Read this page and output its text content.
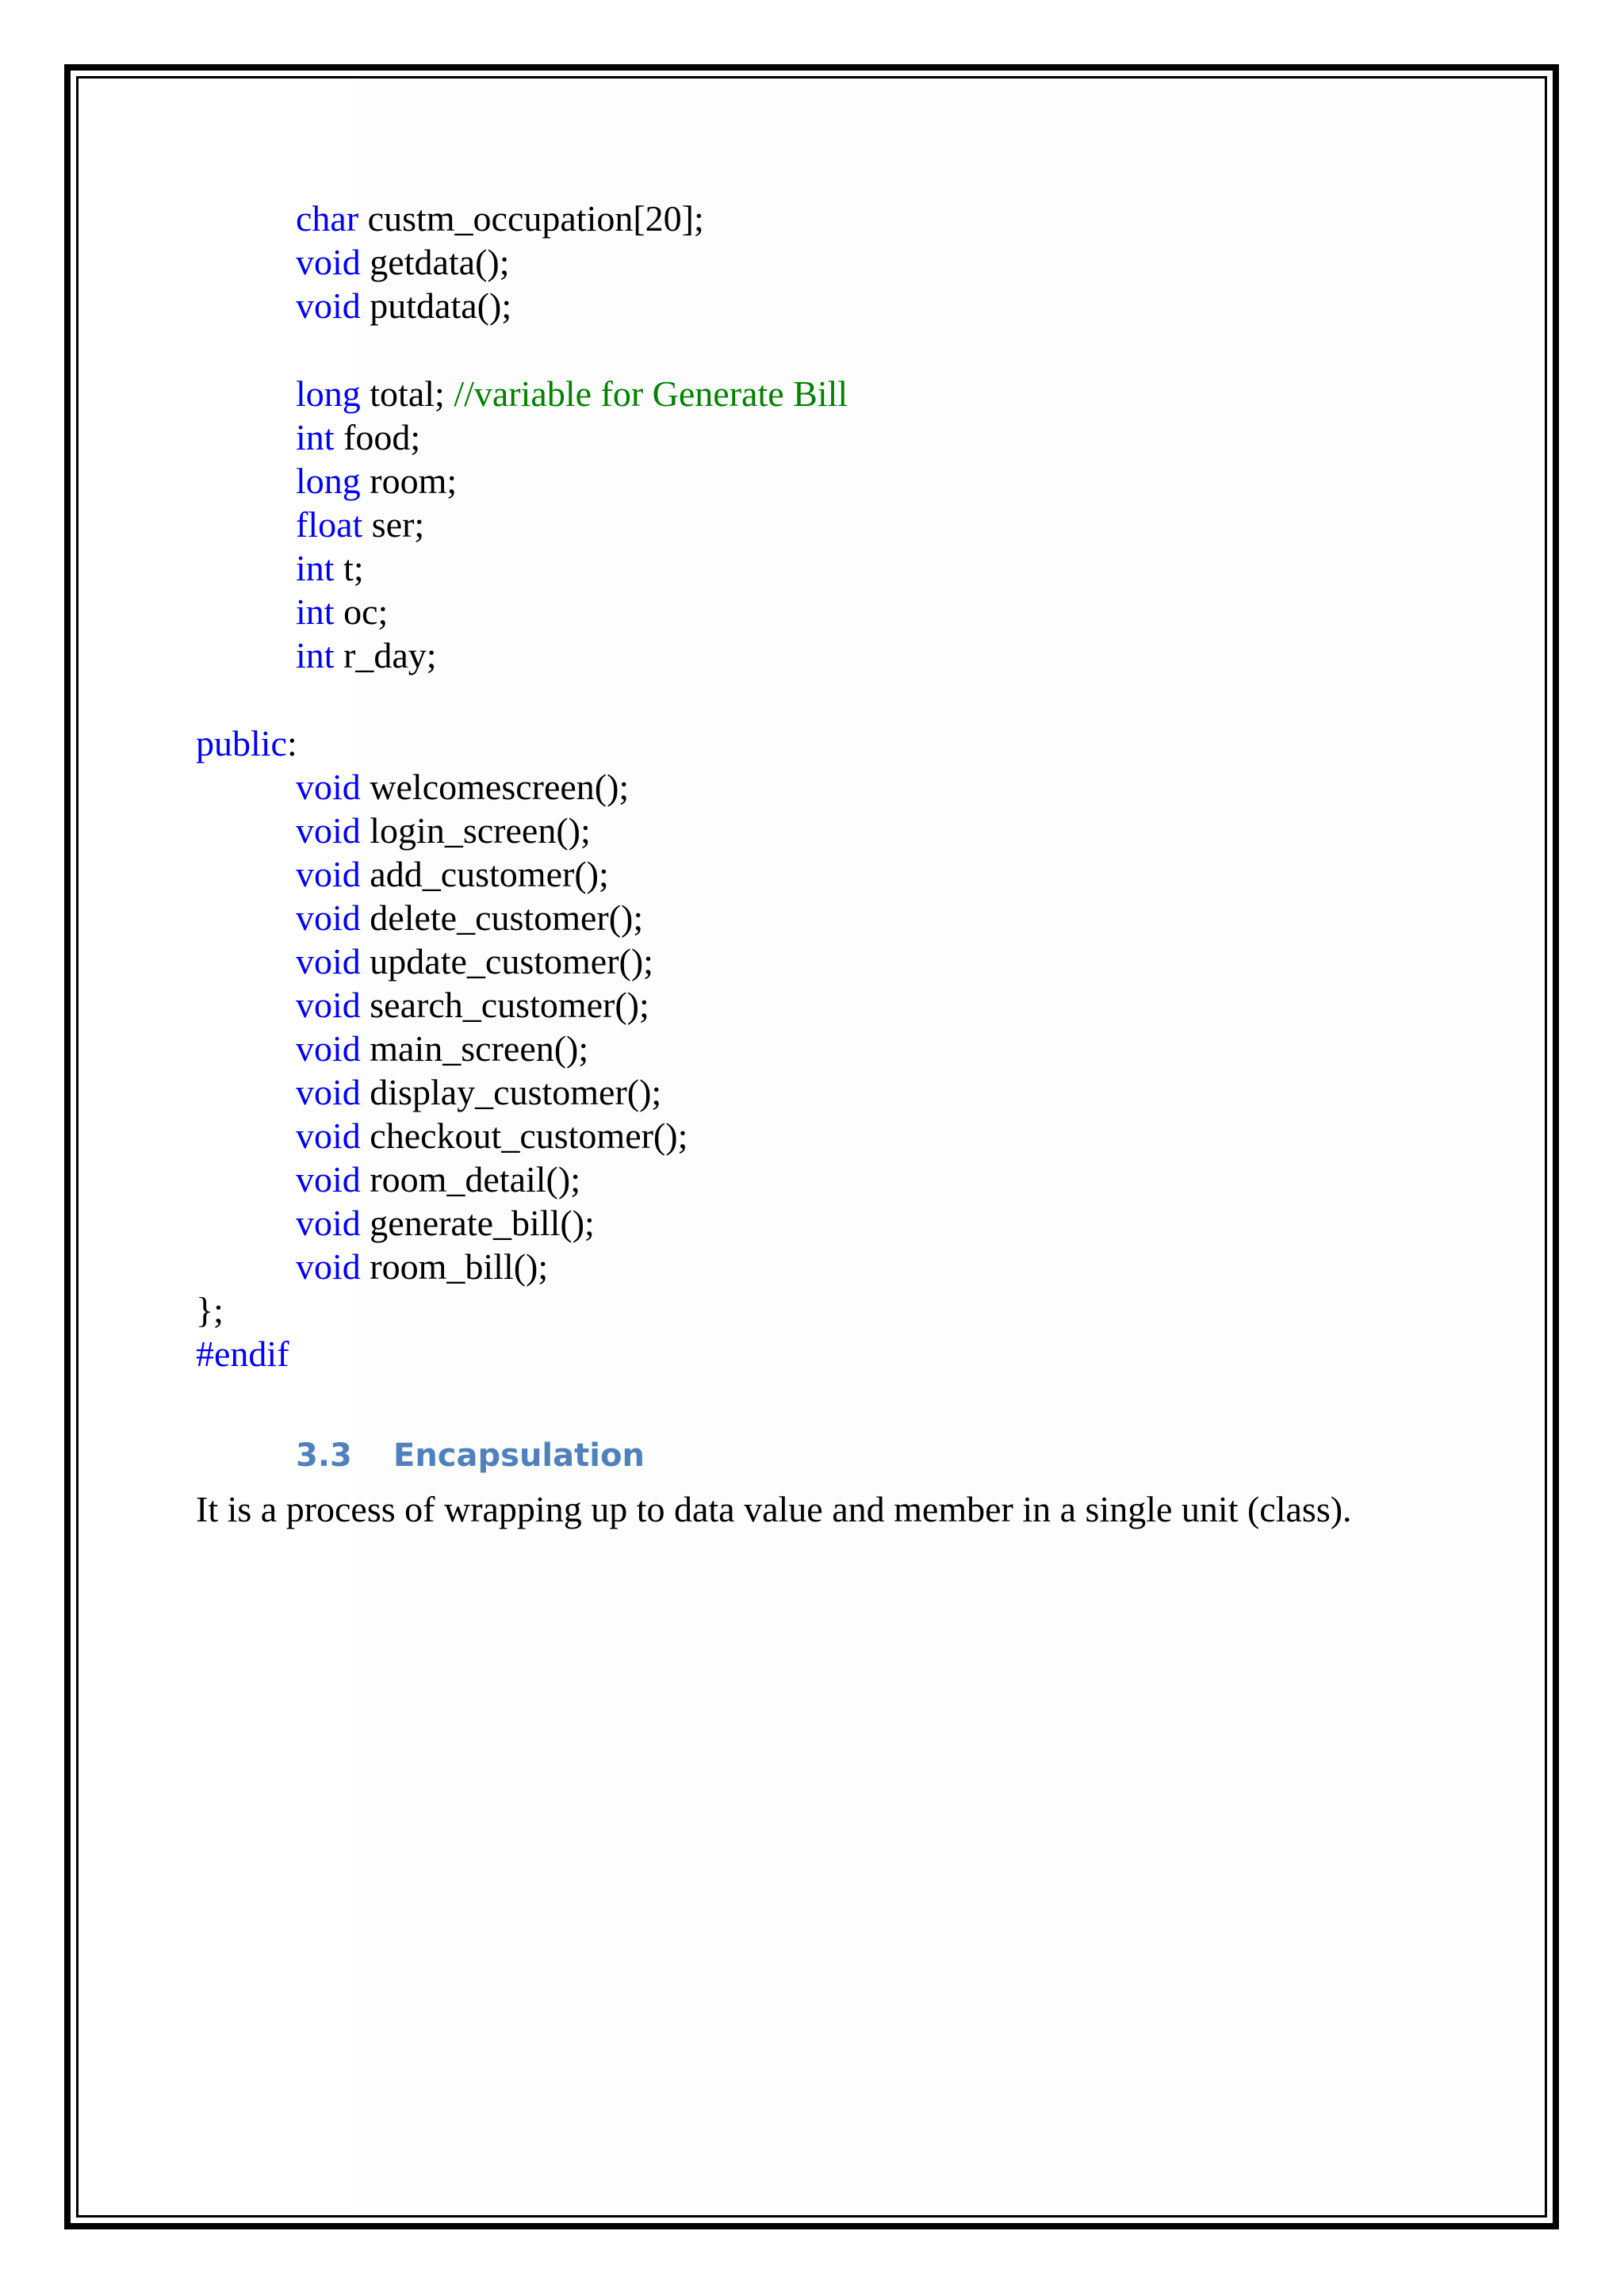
char custm_occupation[20];
void getdata();
void putdata();
long total; //variable for Generate Bill
int food;
long room;
float ser;
int t;
int oc;
int r_day;
public:
void welcomescreen();
void login_screen();
void add_customer();
void delete_customer();
void update_customer();
void search_customer();
void main_screen();
void display_customer();
void checkout_customer();
void room_detail();
void generate_bill();
void room_bill();
};
#endif
3.3 Encapsulation
It is a process of wrapping up to data value and member in a single unit (class).
